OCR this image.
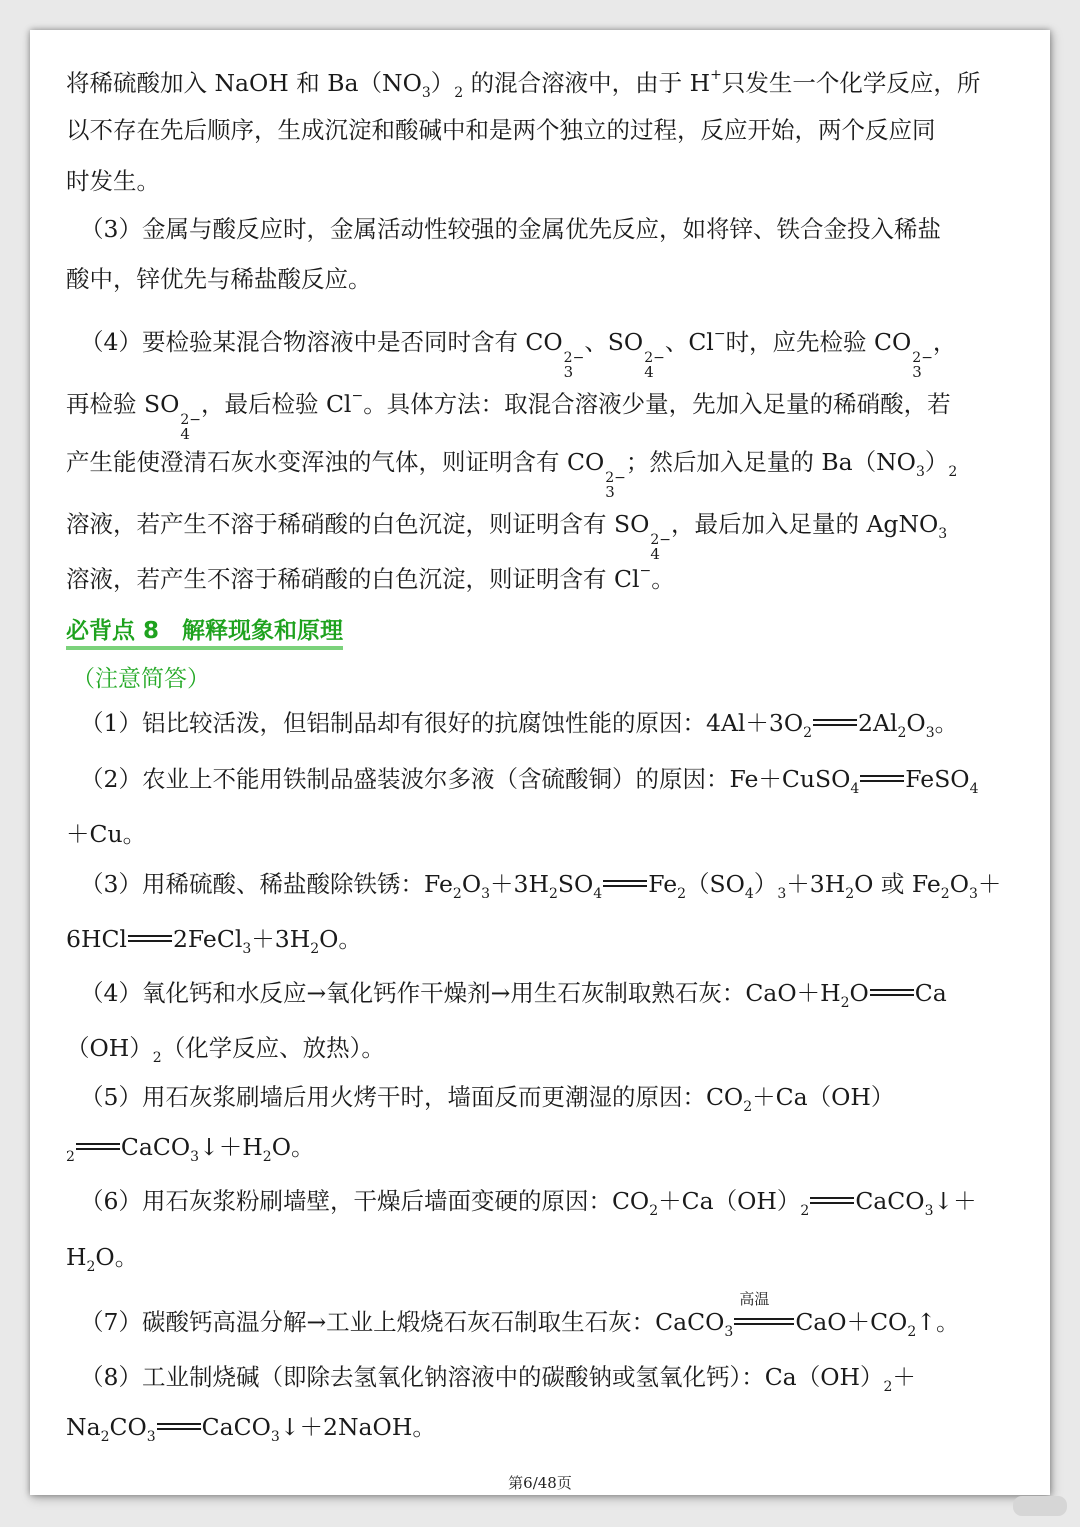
将稀硫酸加入 NaOH 和 $Ba(NO_3)_2$ 的混合溶液中，由于 H+只发生一个化学反应，所
以不存在先后顺序，生成沉淀和酸碱中和是两个独立的过程，反应开始，两个反应同
时发生。
（3）金属与酸反应时，金属活动性较强的金属优先反应，如将锌、铁合金投入稀盐
酸中，锌优先与稀盐酸反应。
（4）要检验某混合物溶液中是否同时含有 CO
2−
3
、SO
2−
4
、Cl−时，应先检验 CO
2−
3
，
再检验 SO
2−
4
，最后检验 Cl−。具体方法：取混合溶液少量，先加入足量的稀硝酸，若
产生能使澄清石灰水变浑浊的气体，则证明含有 CO
2−
3
；然后加入足量的 $Ba(NO_3)_2$
溶液，若产生不溶于稀硝酸的白色沉淀，则证明含有 SO
2−
4
，最后加入足量的 AgNO$_3$
溶液，若产生不溶于稀硝酸的白色沉淀，则证明含有 Cl−。
必背点 8　解释现象和原理
（注意简答）
（1）铝比较活泼，但铝制品却有很好的抗腐蚀性能的原因：$4Al+3O_2$ $2Al_2O_3$。
（2）农业上不能用铁制品盛装波尔多液（含硫酸铜）的原因：Fe＋CuSO$_4$ FeSO$_4$
＋Cu。
（3）用稀硫酸、稀盐酸除铁锈：$Fe_2O_3+3H_2SO_4$ $Fe_2(SO_4)_3+3H_2O$ 或 $Fe_2O_3+$
6HCl $2FeCl_3+3H_2O$。
（4）氧化钙和水反应→氧化钙作干燥剂→用生石灰制取熟石灰：$CaO+H_2O$ Ca
$(OH)_2$（化学反应、放热）。
（5）用石灰浆刷墙后用火烤干时，墙面反而更潮湿的原因：$CO_2+Ca(OH)$
$_2$ $CaCO_3↓+H_2O$。
（6）用石灰浆粉刷墙壁，干燥后墙面变硬的原因：$CO_2+Ca(OH)_2$ CaCO$_3$↓＋
$H_2O$。
（7）碳酸钙高温分解→工业上煅烧石灰石制取生石灰：CaCO$_3$
高温
$CaO+CO_2↑$。
（8）工业制烧碱（即除去氢氧化钠溶液中的碳酸钠或氢氧化钙）：$Ca(OH)_2+$
$Na_2CO_3$ CaCO$_3$↓＋2NaOH。
第6/48页
